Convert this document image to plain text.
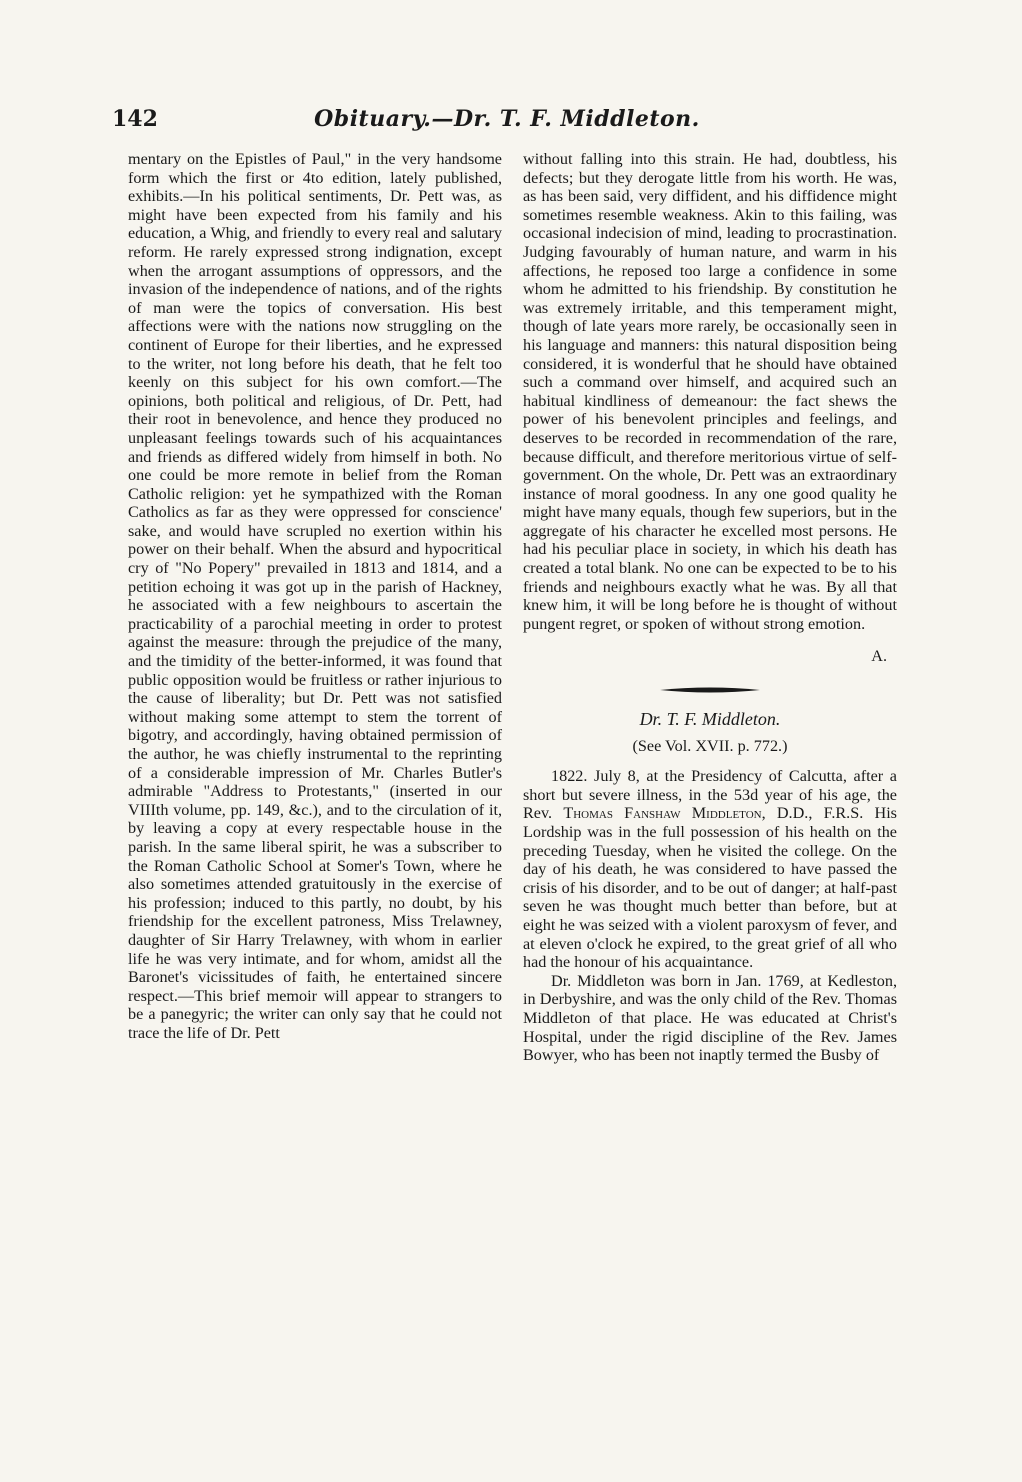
142	Obituary.—Dr. T. F. Middleton.

mentary on the Epistles of Paul," in the very handsome form which the first or 4to edition, lately published, exhibits.—In his political sentiments, Dr. Pett was, as might have been expected from his family and his education, a Whig, and friendly to every real and salutary reform. He rarely expressed strong indignation, except when the arrogant assumptions of oppressors, and the invasion of the independence of nations, and of the rights of man were the topics of conversation. His best affections were with the nations now struggling on the continent of Europe for their liberties, and he expressed to the writer, not long before his death, that he felt too keenly on this subject for his own comfort.—The opinions, both political and religious, of Dr. Pett, had their root in benevolence, and hence they produced no unpleasant feelings towards such of his acquaintances and friends as differed widely from himself in both. No one could be more remote in belief from the Roman Catholic religion: yet he sympathized with the Roman Catholics as far as they were oppressed for conscience' sake, and would have scrupled no exertion within his power on their behalf. When the absurd and hypocritical cry of "No Popery" prevailed in 1813 and 1814, and a petition echoing it was got up in the parish of Hackney, he associated with a few neighbours to ascertain the practicability of a parochial meeting in order to protest against the measure: through the prejudice of the many, and the timidity of the better-informed, it was found that public opposition would be fruitless or rather injurious to the cause of liberality; but Dr. Pett was not satisfied without making some attempt to stem the torrent of bigotry, and accordingly, having obtained permission of the author, he was chiefly instrumental to the reprinting of a considerable impression of Mr. Charles Butler's admirable "Address to Protestants," (inserted in our VIIIth volume, pp. 149, &c.), and to the circulation of it, by leaving a copy at every respectable house in the parish. In the same liberal spirit, he was a subscriber to the Roman Catholic School at Somer's Town, where he also sometimes attended gratuitously in the exercise of his profession; induced to this partly, no doubt, by his friendship for the excellent patroness, Miss Trelawney, daughter of Sir Harry Trelawney, with whom in earlier life he was very intimate, and for whom, amidst all the Baronet's vicissitudes of faith, he entertained sincere respect.—This brief memoir will appear to strangers to be a panegyric; the writer can only say that he could not trace the life of Dr. Pett

without falling into this strain. He had, doubtless, his defects; but they derogate little from his worth. He was, as has been said, very diffident, and his diffidence might sometimes resemble weakness. Akin to this failing, was occasional indecision of mind, leading to procrastination. Judging favourably of human nature, and warm in his affections, he reposed too large a confidence in some whom he admitted to his friendship. By constitution he was extremely irritable, and this temperament might, though of late years more rarely, be occasionally seen in his language and manners: this natural disposition being considered, it is wonderful that he should have obtained such a command over himself, and acquired such an habitual kindliness of demeanour: the fact shews the power of his benevolent principles and feelings, and deserves to be recorded in recommendation of the rare, because difficult, and therefore meritorious virtue of self-government. On the whole, Dr. Pett was an extraordinary instance of moral goodness. In any one good quality he might have many equals, though few superiors, but in the aggregate of his character he excelled most persons. He had his peculiar place in society, in which his death has created a total blank. No one can be expected to be to his friends and neighbours exactly what he was. By all that knew him, it will be long before he is thought of without pungent regret, or spoken of without strong emotion.

A.
Dr. T. F. Middleton.
(See Vol. XVII. p. 772.)

1822. July 8, at the Presidency of Calcutta, after a short but severe illness, in the 53d year of his age, the Rev. Thomas Fanshaw Middleton, D.D., F.R.S. His Lordship was in the full possession of his health on the preceding Tuesday, when he visited the college. On the day of his death, he was considered to have passed the crisis of his disorder, and to be out of danger; at half-past seven he was thought much better than before, but at eight he was seized with a violent paroxysm of fever, and at eleven o'clock he expired, to the great grief of all who had the honour of his acquaintance.

Dr. Middleton was born in Jan. 1769, at Kedleston, in Derbyshire, and was the only child of the Rev. Thomas Middleton of that place. He was educated at Christ's Hospital, under the rigid discipline of the Rev. James Bowyer, who has been not inaptly termed the Busby of
